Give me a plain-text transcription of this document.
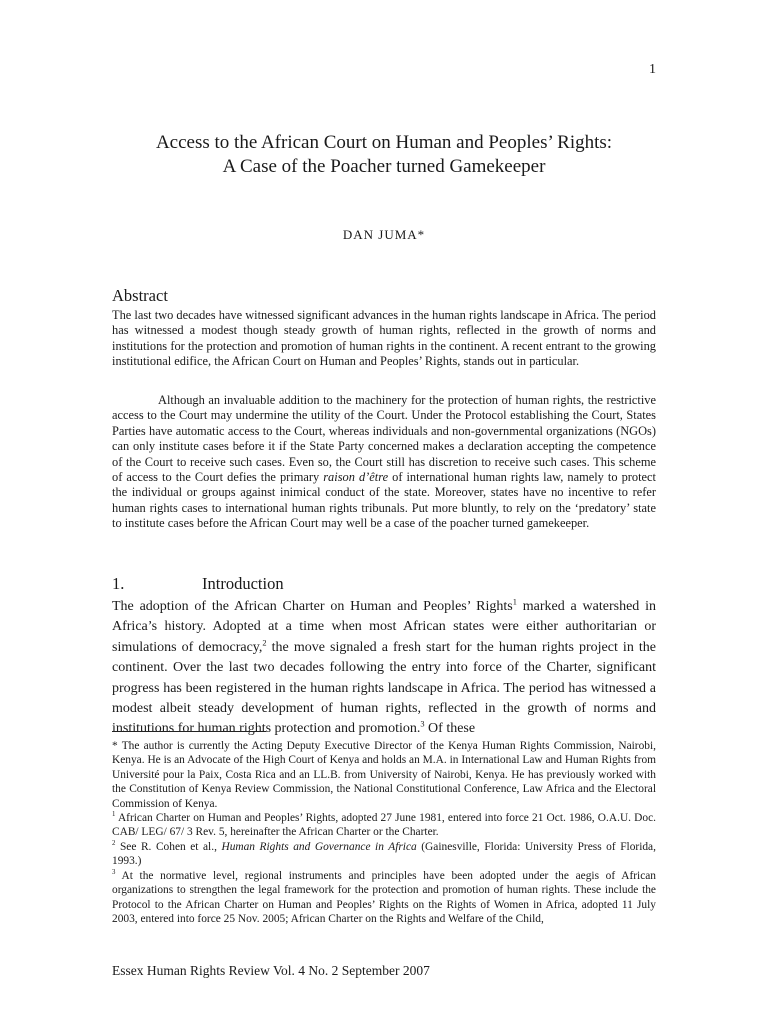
1
Access to the African Court on Human and Peoples’ Rights:
A Case of the Poacher turned Gamekeeper
DAN JUMA*
Abstract

The last two decades have witnessed significant advances in the human rights landscape in Africa. The period has witnessed a modest though steady growth of human rights, reflected in the growth of norms and institutions for the protection and promotion of human rights in the continent. A recent entrant to the growing institutional edifice, the African Court on Human and Peoples’ Rights, stands out in particular.

Although an invaluable addition to the machinery for the protection of human rights, the restrictive access to the Court may undermine the utility of the Court. Under the Protocol establishing the Court, States Parties have automatic access to the Court, whereas individuals and non-governmental organizations (NGOs) can only institute cases before it if the State Party concerned makes a declaration accepting the competence of the Court to receive such cases. Even so, the Court still has discretion to receive such cases. This scheme of access to the Court defies the primary raison d’être of international human rights law, namely to protect the individual or groups against inimical conduct of the state. Moreover, states have no incentive to refer human rights cases to international human rights tribunals. Put more bluntly, to rely on the ‘predatory’ state to institute cases before the African Court may well be a case of the poacher turned gamekeeper.

1.	Introduction

The adoption of the African Charter on Human and Peoples’ Rights$^1$ marked a watershed in Africa’s history. Adopted at a time when most African states were either authoritarian or simulations of democracy,$^2$ the move signaled a fresh start for the human rights project in the continent. Over the last two decades following the entry into force of the Charter, significant progress has been registered in the human rights landscape in Africa. The period has witnessed a modest albeit steady development of human rights, reflected in the growth of norms and institutions for human rights protection and promotion.$^3$ Of these

* The author is currently the Acting Deputy Executive Director of the Kenya Human Rights Commission, Nairobi, Kenya. He is an Advocate of the High Court of Kenya and holds an M.A. in International Law and Human Rights from Université pour la Paix, Costa Rica and an LL.B. from University of Nairobi, Kenya. He has previously worked with the Constitution of Kenya Review Commission, the National Constitutional Conference, Law Africa and the Electoral Commission of Kenya.

$^1$ African Charter on Human and Peoples’ Rights, adopted 27 June 1981, entered into force 21 Oct. 1986, O.A.U. Doc. CAB/ LEG/ 67/ 3 Rev. 5, hereinafter the African Charter or the Charter.

$^2$ See R. Cohen et al., Human Rights and Governance in Africa (Gainesville, Florida: University Press of Florida, 1993.)

$^3$ At the normative level, regional instruments and principles have been adopted under the aegis of African organizations to strengthen the legal framework for the protection and promotion of human rights. These include the Protocol to the African Charter on Human and Peoples’ Rights on the Rights of Women in Africa, adopted 11 July 2003, entered into force 25 Nov. 2005; African Charter on the Rights and Welfare of the Child,

Essex Human Rights Review Vol. 4 No. 2 September 2007
